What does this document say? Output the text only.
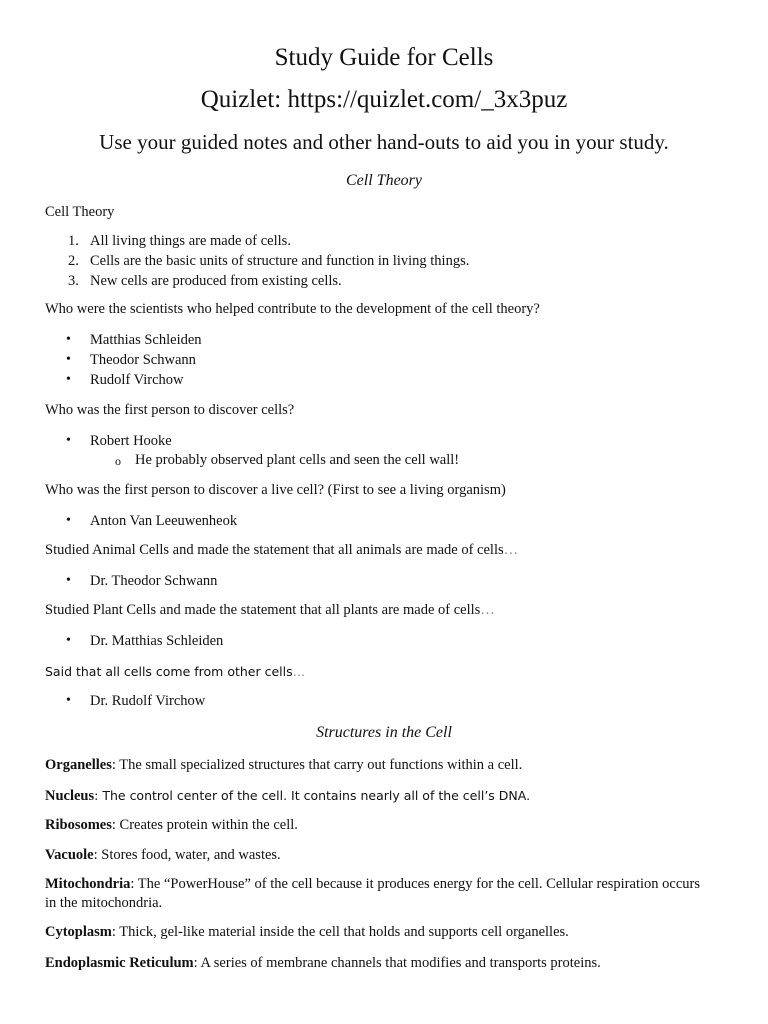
Study Guide for Cells
Quizlet: https://quizlet.com/_3x3puz
Use your guided notes and other hand-outs to aid you in your study.
Cell Theory
Cell Theory
1. All living things are made of cells.
2. Cells are the basic units of structure and function in living things.
3. New cells are produced from existing cells.
Who were the scientists who helped contribute to the development of the cell theory?
• Matthias Schleiden
• Theodor Schwann
• Rudolf Virchow
Who was the first person to discover cells?
• Robert Hooke
o He probably observed plant cells and seen the cell wall!
Who was the first person to discover a live cell? (First to see a living organism)
• Anton Van Leeuwenheok
Studied Animal Cells and made the statement that all animals are made of cells…
• Dr. Theodor Schwann
Studied Plant Cells and made the statement that all plants are made of cells…
• Dr. Matthias Schleiden
Said that all cells come from other cells…
• Dr. Rudolf Virchow
Structures in the Cell
Organelles: The small specialized structures that carry out functions within a cell.
Nucleus: The control center of the cell. It contains nearly all of the cell’s DNA.
Ribosomes: Creates protein within the cell.
Vacuole: Stores food, water, and wastes.
Mitochondria: The “PowerHouse” of the cell because it produces energy for the cell. Cellular respiration occurs in the mitochondria.
Cytoplasm: Thick, gel-like material inside the cell that holds and supports cell organelles.
Endoplasmic Reticulum: A series of membrane channels that modifies and transports proteins.
